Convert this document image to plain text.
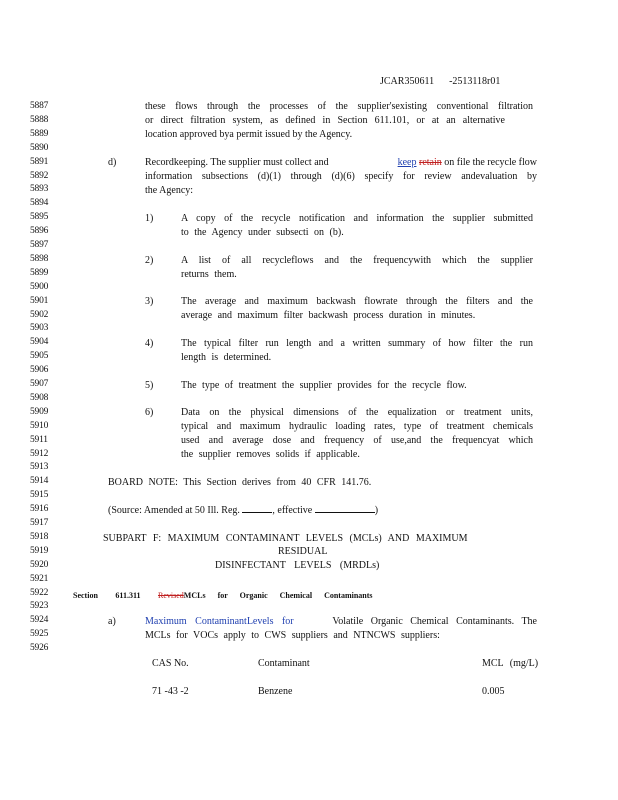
JCAR350611 -2513118r01
5887
5888
5889
5890
5891
5892
5893
5894
5895
5896
5897
5898
5899
5900
5901
5902
5903
5904
5905
5906
5907
5908
5909
5910
5911
5912
5913
5914
5915
5916
5917
5918
5919
5920
5921
5922
5923
5924
5925
5926
these flows through the processes of the supplier'sexisting conventional filtration
or direct filtration system, as defined in Section 611.101, or at an alternative
location approved bya permit issued by the Agency.
d)	Recordkeeping. The supplier must collect and	keep retain on file the recycle flow
information subsections (d)(1) through (d)(6) specify for review andevaluation by
the Agency:
1)	A copy of the recycle notification and information the supplier submitted
to the Agency under subsecti on (b).
2)	A list of all recycleflows and the frequencywith which the supplier
returns them.
3)	The average and maximum backwash flowrate through the filters and the
average and maximum filter backwash process duration in minutes.
4)	The typical filter run length and a written summary of how filter the run
length is determined.
5)	The type of treatment the supplier provides for the recycle flow.
6)	Data on the physical dimensions of the equalization or treatment units,
typical and maximum hydraulic loading rates, type of treatment chemicals
used and average dose and frequency of use,and the frequencyat which
the supplier removes solids if applicable.
BOARD NOTE: This Section derives from 40 CFR 141.76.
(Source: Amended at 50 Ill. Reg.	, effective	)
SUBPART F: MAXIMUM CONTAMINANT LEVELS (MCLs) AND MAXIMUM
RESIDUAL
DISINFECTANT LEVELS (MRDLs)
Section 611.311 RevisedMCLs for Organic Chemical Contaminants
a)	Maximum ContaminantLevels for	Volatile Organic Chemical Contaminants. The
MCLs for VOCs apply to CWS suppliers and NTNCWS suppliers:
CAS No.	Contaminant	MCL (mg/L)
71 -43 -2	Benzene	0.005
